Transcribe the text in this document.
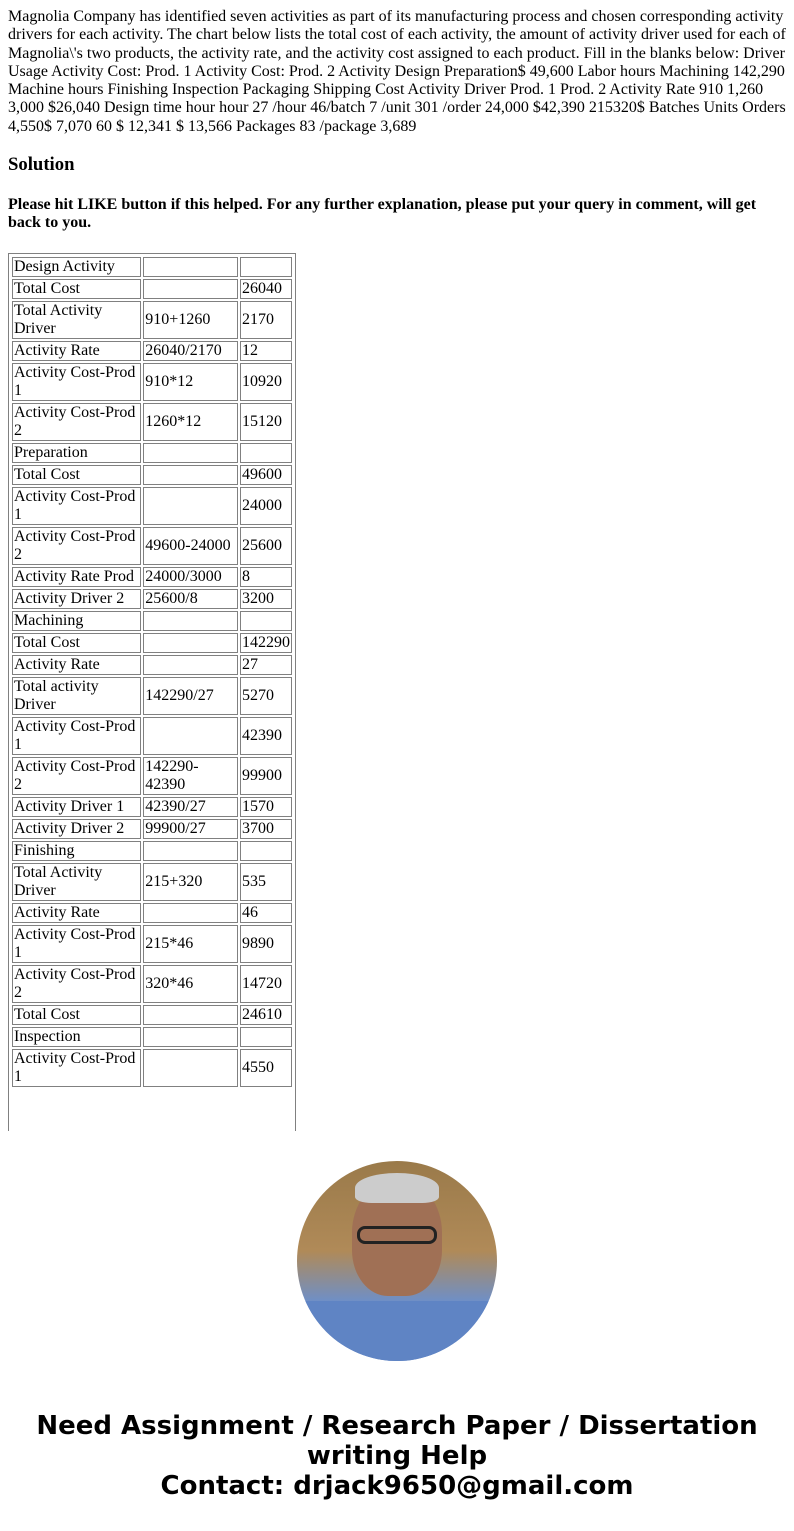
Magnolia Company has identified seven activities as part of its manufacturing process and chosen corresponding activity drivers for each activity. The chart below lists the total cost of each activity, the amount of activity driver used for each of Magnolia\'s two products, the activity rate, and the activity cost assigned to each product. Fill in the blanks below: Driver Usage Activity Cost: Prod. 1 Activity Cost: Prod. 2 Activity Design Preparation$ 49,600 Labor hours Machining 142,290 Machine hours Finishing Inspection Packaging Shipping Cost Activity Driver Prod. 1 Prod. 2 Activity Rate 910 1,260 3,000 $26,040 Design time hour hour 27 /hour 46/batch 7 /unit 301 /order 24,000 $42,390 215320$ Batches Units Orders 4,550$ 7,070 60 $ 12,341 $ 13,566 Packages 83 /package 3,689

Solution
Please hit LIKE button if this helped. For any further explanation, please put your query in comment, will get back to you.
Design Activity		
Total Cost		26040
Total Activity Driver	910+1260	2170
Activity Rate	26040/2170	12
Activity Cost-Prod 1	910*12	10920
Activity Cost-Prod 2	1260*12	15120
Preparation		
Total Cost		49600
Activity Cost-Prod 1		24000
Activity Cost-Prod 2	49600-24000	25600
Activity Rate Prod	24000/3000	8
Activity Driver 2	25600/8	3200
Machining		
Total Cost		142290
Activity Rate		27
Total activity Driver	142290/27	5270
Activity Cost-Prod 1		42390
Activity Cost-Prod 2	142290-42390	99900
Activity Driver 1	42390/27	1570
Activity Driver 2	99900/27	3700
Finishing		
Total Activity Driver	215+320	535
Activity Rate		46
Activity Cost-Prod 1	215*46	9890
Activity Cost-Prod 2	320*46	14720
Total Cost		24610
Inspection		
Activity Cost-Prod 1		4550
Need Assignment / Research Paper / Dissertation writing Help
Contact: drjack9650@gmail.com
